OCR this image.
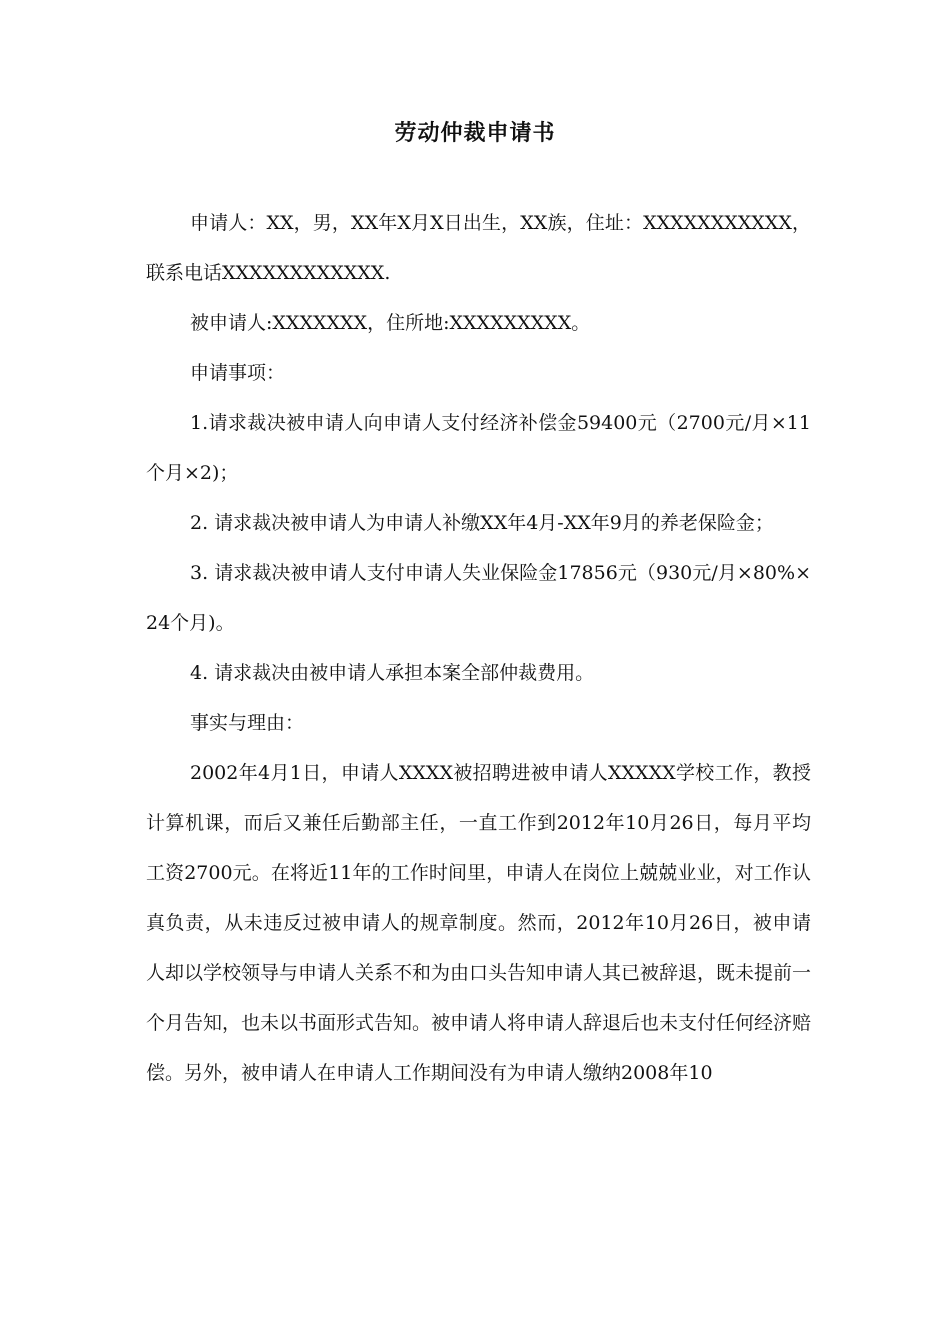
劳动仲裁申请书

申请人：XX，男，XX年X月X日出生，XX族，住址：XXXXXXXXXXX，联系电话XXXXXXXXXXXX.

被申请人:XXXXXXX，住所地:XXXXXXXXX。

申请事项：

1.请求裁决被申请人向申请人支付经济补偿金59400元（2700元/月×11个月×2)；

2. 请求裁决被申请人为申请人补缴XX年4月-XX年9月的养老保险金；

3. 请求裁决被申请人支付申请人失业保险金17856元（930元/月×80%×24个月)。

4. 请求裁决由被申请人承担本案全部仲裁费用。

事实与理由：

2002年4月1日，申请人XXXX被招聘进被申请人XXXXX学校工作，教授计算机课，而后又兼任后勤部主任，一直工作到2012年10月26日，每月平均工资2700元。在将近11年的工作时间里，申请人在岗位上兢兢业业，对工作认真负责，从未违反过被申请人的规章制度。然而，2012年10月26日，被申请人却以学校领导与申请人关系不和为由口头告知申请人其已被辞退，既未提前一个月告知，也未以书面形式告知。被申请人将申请人辞退后也未支付任何经济赔偿。另外，被申请人在申请人工作期间没有为申请人缴纳2008年10
